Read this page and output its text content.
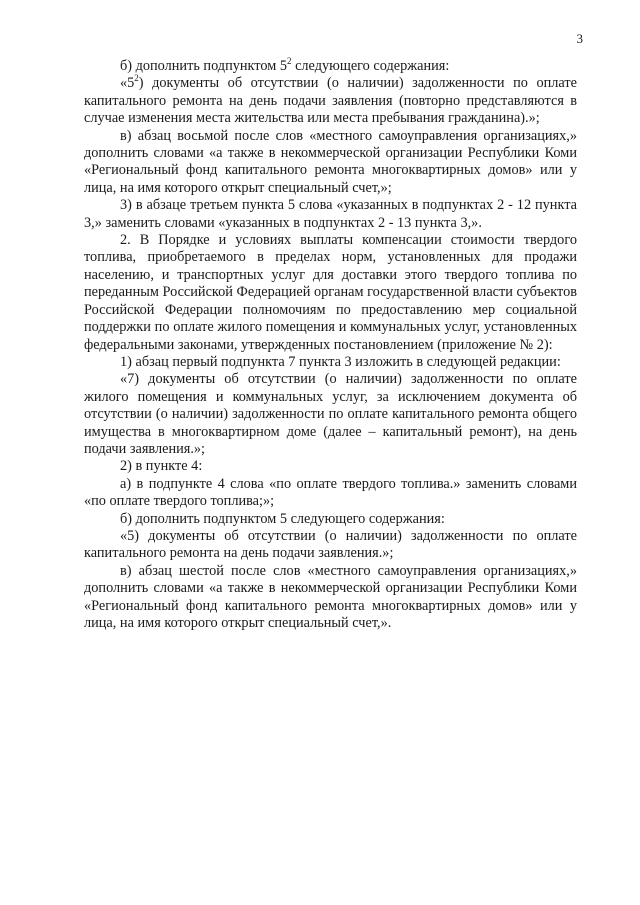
3

б) дополнить подпунктом $5^2$ следующего содержания:

«$5^2$) документы об отсутствии (о наличии) задолженности по оплате капитального ремонта на день подачи заявления (повторно представляются в случае изменения места жительства или места пребывания гражданина).»;

в) абзац восьмой после слов «местного самоуправления организациях,» дополнить словами «а также в некоммерческой организации Республики Коми «Региональный фонд капитального ремонта многоквартирных домов» или у лица, на имя которого открыт специальный счет,»;

3) в абзаце третьем пункта 5 слова «указанных в подпунктах 2 - 12 пункта 3,» заменить словами «указанных в подпунктах 2 - 13 пункта 3,».

2. В Порядке и условиях выплаты компенсации стоимости твердого топлива, приобретаемого в пределах норм, установленных для продажи населению, и транспортных услуг для доставки этого твердого топлива по переданным Российской Федерацией органам государственной власти субъектов Российской Федерации полномочиям по предоставлению мер социальной поддержки по оплате жилого помещения и коммунальных услуг, установленных федеральными законами, утвержденных постановлением (приложение № 2):

1) абзац первый подпункта 7 пункта 3 изложить в следующей редакции:

«7) документы об отсутствии (о наличии) задолженности по оплате жилого помещения и коммунальных услуг, за исключением документа об отсутствии (о наличии) задолженности по оплате капитального ремонта общего имущества в многоквартирном доме (далее – капитальный ремонт), на день подачи заявления.»;

2) в пункте 4:

а) в подпункте 4 слова «по оплате твердого топлива.» заменить словами «по оплате твердого топлива;»;

б) дополнить подпунктом 5 следующего содержания:

«5) документы об отсутствии (о наличии) задолженности по оплате капитального ремонта на день подачи заявления.»;

в) абзац шестой после слов «местного самоуправления организациях,» дополнить словами «а также в некоммерческой организации Республики Коми «Региональный фонд капитального ремонта многоквартирных домов» или у лица, на имя которого открыт специальный счет,».
